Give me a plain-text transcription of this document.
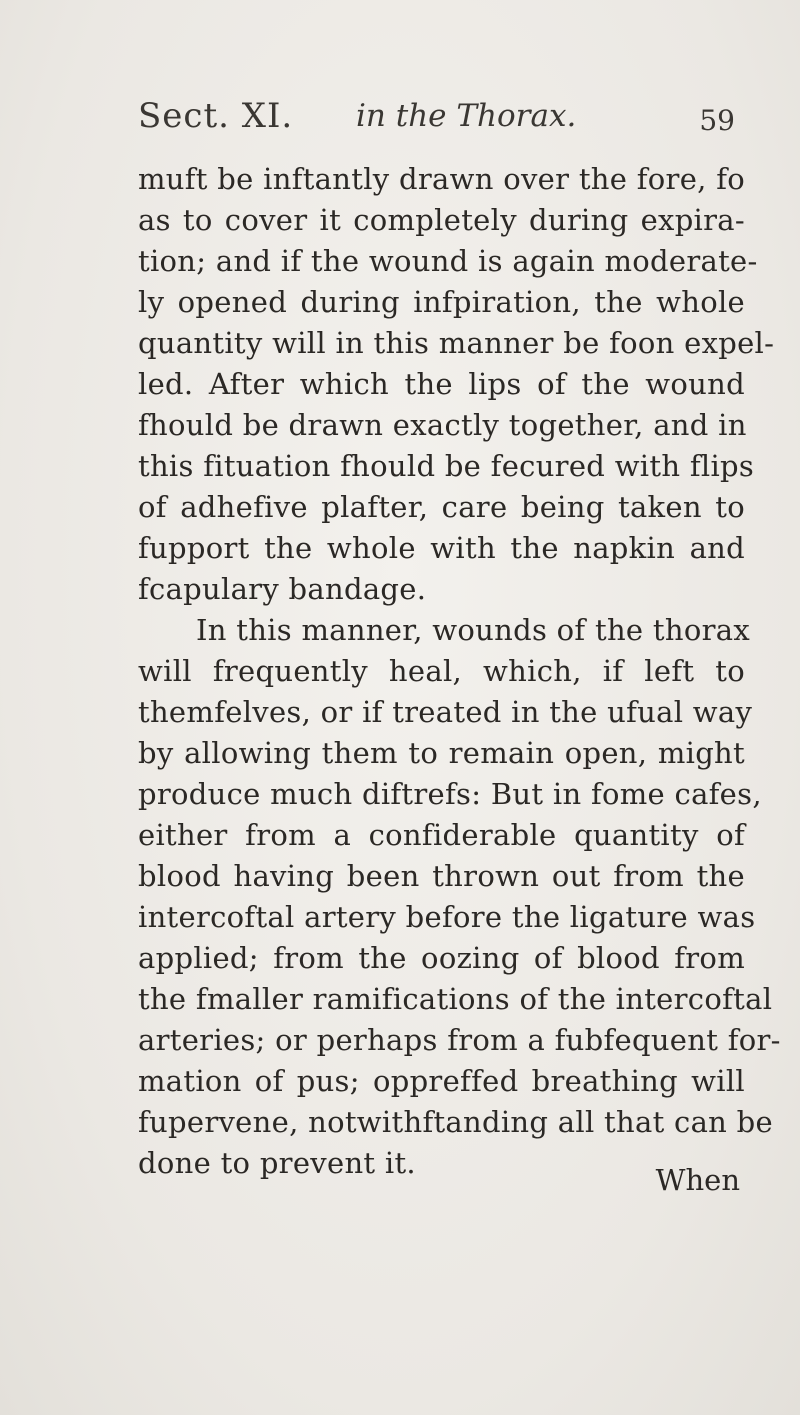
Sect. XI. in the Thorax.	59
muft be inftantly drawn over the fore, fo
as to cover it completely during expira-
tion; and if the wound is again moderate-
ly opened during infpiration, the whole
quantity will in this manner be foon expel-
led. After which the lips of the wound
fhould be drawn exactly together, and in
this fituation fhould be fecured with flips
of adhefive plafter, care being taken to
fupport the whole with the napkin and
fcapulary bandage.
In this manner, wounds of the thorax
will frequently heal, which, if left to
themfelves, or if treated in the ufual way
by allowing them to remain open, might
produce much diftrefs: But in fome cafes,
either from a confiderable quantity of
blood having been thrown out from the
intercoftal artery before the ligature was
applied; from the oozing of blood from
the fmaller ramifications of the intercoftal
arteries; or perhaps from a fubfequent for-
mation of pus; oppreffed breathing will
fupervene, notwithftanding all that can be
done to prevent it.	When
